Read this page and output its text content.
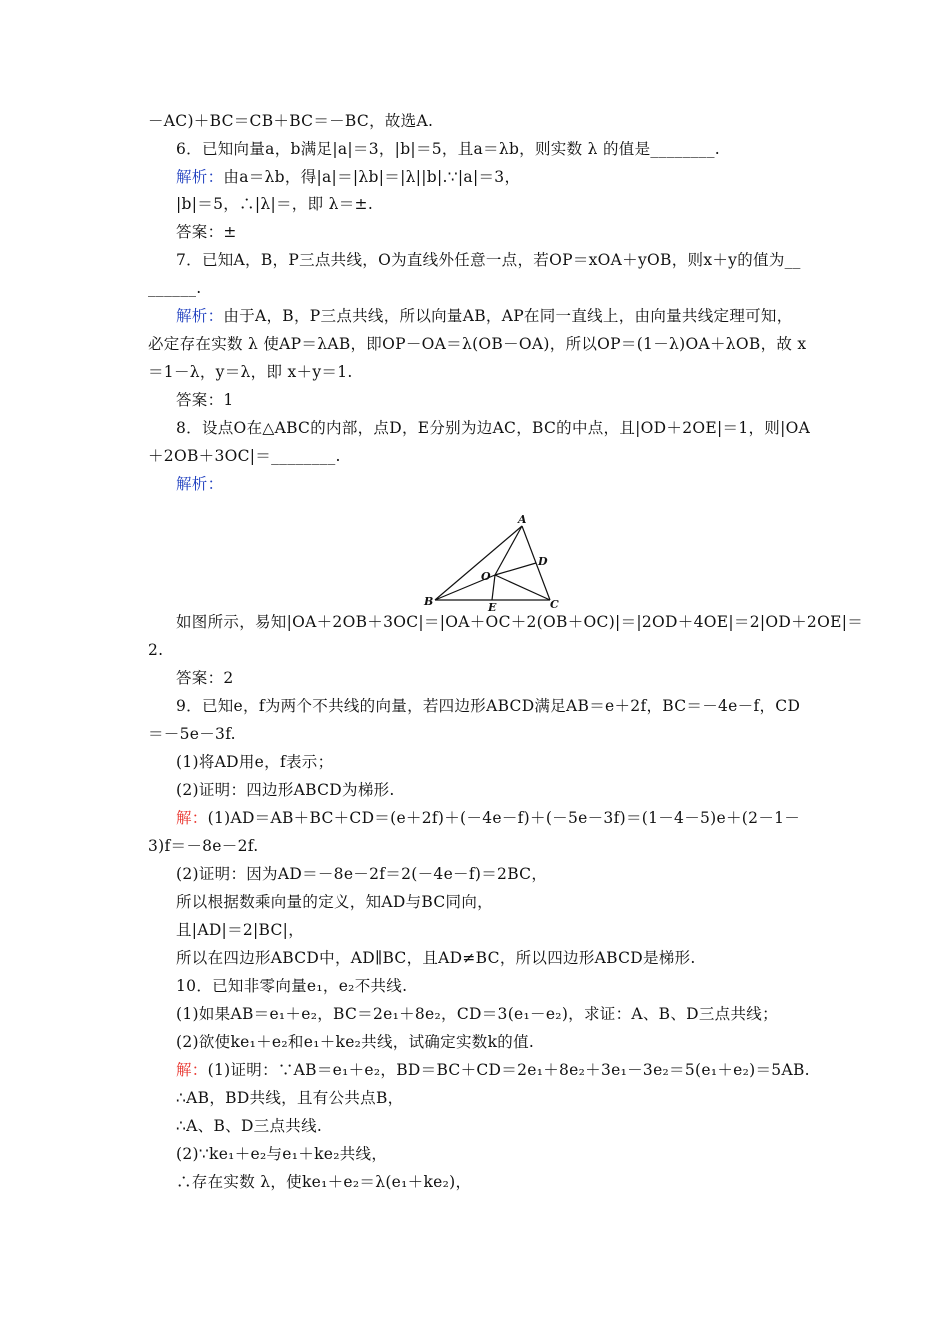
－AC)＋BC＝CB＋BC＝－BC，故选A.
6．已知向量a，b满足|a|＝3，|b|＝5，且a＝λb，则实数 λ 的值是________.
解析：由a＝λb，得|a|＝|λb|＝|λ||b|.∵|a|＝3，
|b|＝5，∴|λ|＝，即 λ＝±.
答案：±
7．已知A，B，P三点共线，O为直线外任意一点，若OP＝xOA＋yOB，则x＋y的值为__
______.
解析：由于A，B，P三点共线，所以向量AB，AP在同一直线上，由向量共线定理可知，
必定存在实数 λ 使AP＝λAB，即OP－OA＝λ(OB－OA)，所以OP＝(1－λ)OA＋λOB，故 x
＝1－λ，y＝λ，即 x＋y＝1.
答案：1
8．设点O在△ABC的内部，点D，E分别为边AC，BC的中点，且|OD＋2OE|＝1，则|OA
＋2OB＋3OC|＝________.
解析：
如图所示，易知|OA＋2OB＋3OC|＝|OA＋OC＋2(OB＋OC)|＝|2OD＋4OE|＝2|OD＋2OE|＝
2.
答案：2
9．已知e，f为两个不共线的向量，若四边形ABCD满足AB＝e＋2f，BC＝－4e－f，CD
＝－5e－3f.
(1)将AD用e，f表示；
(2)证明：四边形ABCD为梯形.
解：(1)AD＝AB＋BC＋CD＝(e＋2f)＋(－4e－f)＋(－5e－3f)＝(1－4－5)e＋(2－1－
3)f＝－8e－2f.
(2)证明：因为AD＝－8e－2f＝2(－4e－f)＝2BC，
所以根据数乘向量的定义，知AD与BC同向，
且|AD|＝2|BC|，
所以在四边形ABCD中，AD∥BC，且AD≠BC，所以四边形ABCD是梯形.
10．已知非零向量e₁，e₂不共线.
(1)如果AB＝e₁＋e₂，BC＝2e₁＋8e₂，CD＝3(e₁－e₂)，求证：A、B、D三点共线；
(2)欲使ke₁＋e₂和e₁＋ke₂共线，试确定实数k的值.
解：(1)证明：∵AB＝e₁＋e₂，BD＝BC＋CD＝2e₁＋8e₂＋3e₁－3e₂＝5(e₁＋e₂)＝5AB.
∴AB，BD共线，且有公共点B，
∴A、B、D三点共线.
(2)∵ke₁＋e₂与e₁＋ke₂共线，
∴存在实数 λ，使ke₁＋e₂＝λ(e₁＋ke₂)，
A
B	C
D
E
O
